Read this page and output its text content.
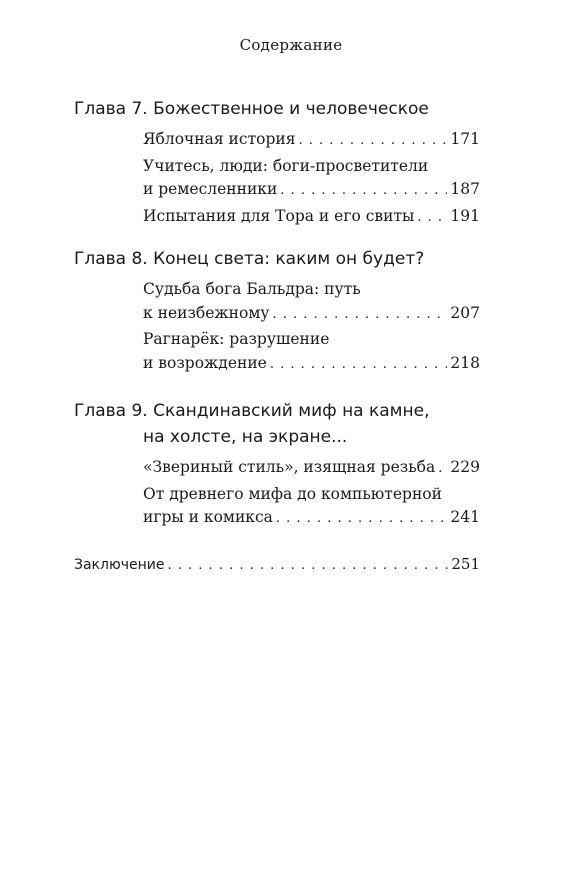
Содержание
Глава 7. Божественное и человеческое
Яблочная история . . .	171
Учитесь, люди: боги-просветители
и ремесленники . . .	187
Испытания для Тора и его свиты . . . 191
Глава 8. Конец света: каким он будет?
Судьба бога Бальдра: путь
к неизбежному . . .	207
Рагнарёк: разрушение
и возрождение . . .	218
Глава 9. Скандинавский миф на камне,
на холсте, на экране...
«Звериный стиль», изящная резьба . . . 229
От древнего мифа до компьютерной
игры и комикса . . .	241
Заключение . . .	251
